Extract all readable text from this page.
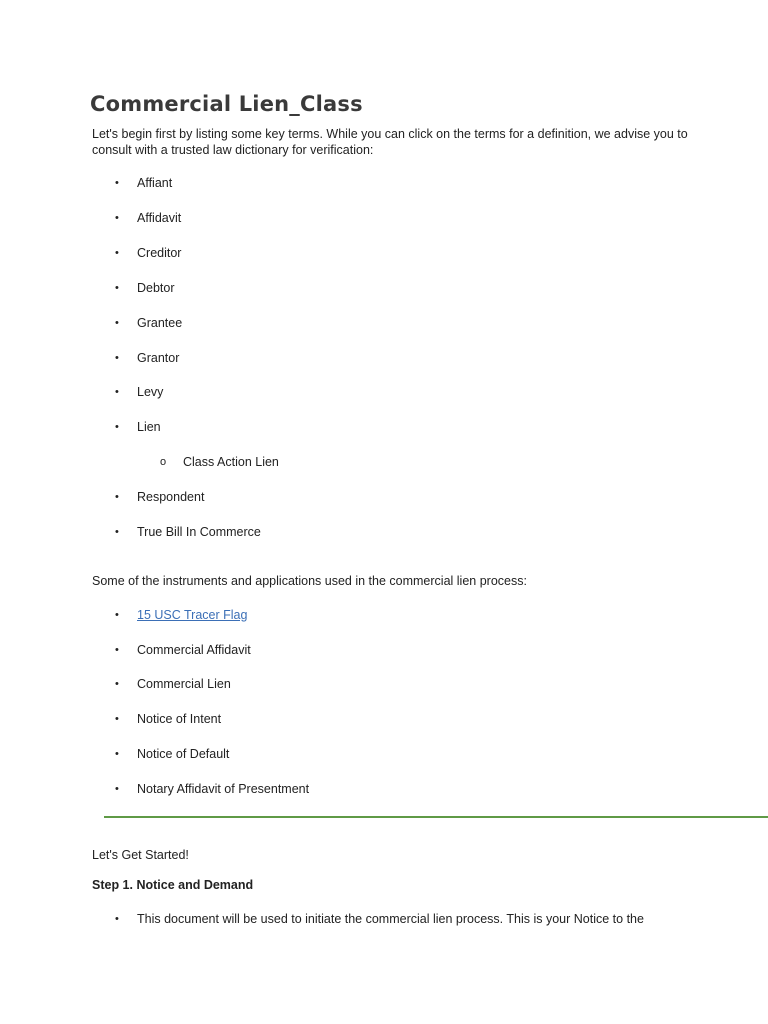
Commercial Lien_Class
Let's begin first by listing some key terms. While you can click on the terms for a definition, we advise you to consult with a trusted law dictionary for verification:
• Affiant
• Affidavit
• Creditor
• Debtor
• Grantee
• Grantor
• Levy
• Lien
o Class Action Lien
• Respondent
• True Bill In Commerce
Some of the instruments and applications used in the commercial lien process:
• 15 USC Tracer Flag
• Commercial Affidavit
• Commercial Lien
• Notice of Intent
• Notice of Default
• Notary Affidavit of Presentment
Let's Get Started!
Step 1. Notice and Demand
• This document will be used to initiate the commercial lien process. This is your Notice to the
